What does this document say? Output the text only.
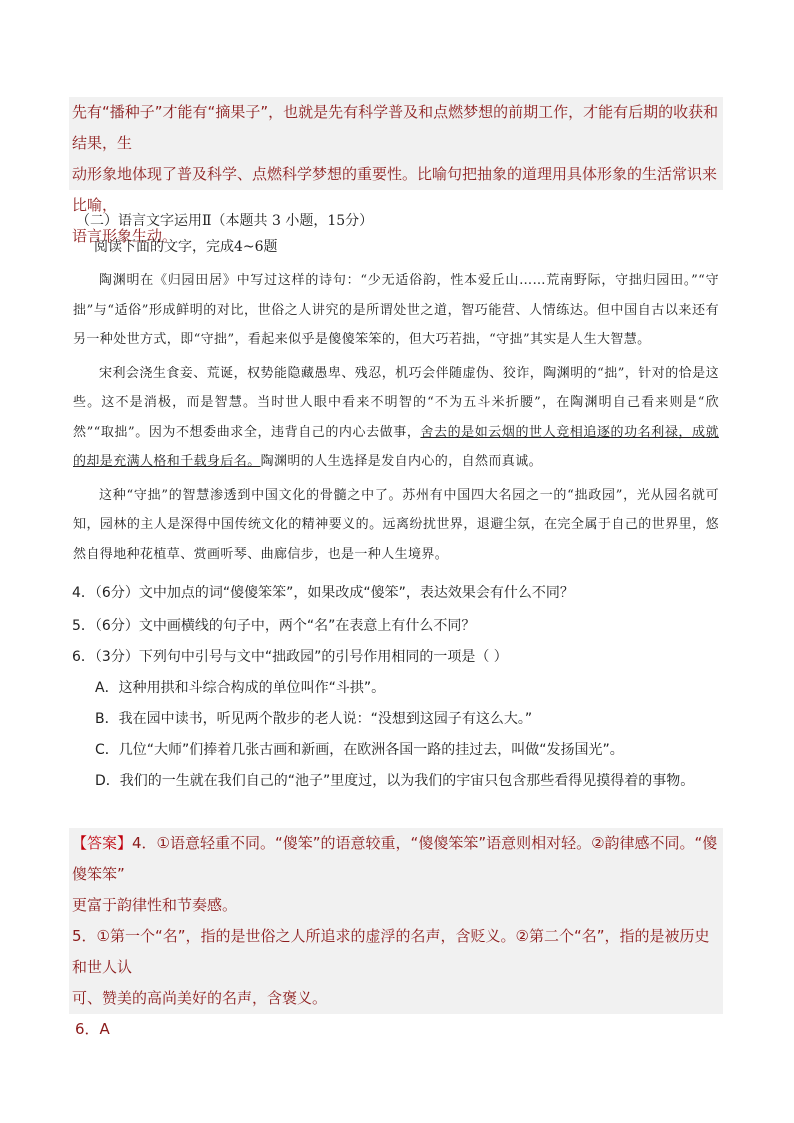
先有“播种子”才能有“摘果子”，也就是先有科学普及和点燃梦想的前期工作，才能有后期的收获和结果，生
动形象地体现了普及科学、点燃科学梦想的重要性。比喻句把抽象的道理用具体形象的生活常识来比喻，
语言形象生动。
（二）语言文字运用Ⅱ（本题共 3 小题，15分）
阅读下面的文字，完成4~6题

陶渊明在《归园田居》中写过这样的诗句：“少无适俗韵，性本爱丘山……荒南野际，守拙归园田。”“守拙”与“适俗”形成鲜明的对比，世俗之人讲究的是所谓处世之道，智巧能营、人情练达。但中国自古以来还有另一种处世方式，即“守拙”，看起来似乎是傻傻笨笨的，但大巧若拙，“守拙”其实是人生大智慧。

宋利会浇生食妾、荒诞，权势能隐藏愚卑、残忍，机巧会伴随虚伪、狡诈，陶渊明的“拙”，针对的恰是这些。这不是消极，而是智慧。当时世人眼中看来不明智的“不为五斗米折腰”，在陶渊明自己看来则是“欣然”“取拙”。因为不想委曲求全，违背自己的内心去做事，舍去的是如云烟的世人竞相追逐的功名利禄，成就的却是充满人格和千载身后名。陶渊明的人生选择是发自内心的，自然而真诚。

这种“守拙”的智慧渗透到中国文化的骨髓之中了。苏州有中国四大名园之一的“拙政园”，光从园名就可知，园林的主人是深得中国传统文化的精神要义的。远离纷扰世界，退避尘氛，在完全属于自己的世界里，悠然自得地种花植草、赏画听琴、曲廊信步，也是一种人生境界。

4．（6分）文中加点的词“傻傻笨笨”，如果改成“傻笨”，表达效果会有什么不同？
5．（6分）文中画横线的句子中，两个“名”在表意上有什么不同？
6．（3分）下列句中引号与文中“拙政园”的引号作用相同的一项是（ ）
A．这种用拱和斗综合构成的单位叫作“斗拱”。
B．我在园中读书，听见两个散步的老人说：“没想到这园子有这么大。”
C．几位“大师”们捧着几张古画和新画，在欧洲各国一路的挂过去，叫做“发扬国光”。
D．我们的一生就在我们自己的“池子”里度过，以为我们的宇宙只包含那些看得见摸得着的事物。
【答案】4．①语意轻重不同。“傻笨”的语意较重，“傻傻笨笨”语意则相对轻。②韵律感不同。“傻傻笨笨”
更富于韵律性和节奏感。
5．①第一个“名”，指的是世俗之人所追求的虚浮的名声，含贬义。②第二个“名”，指的是被历史和世人认
可、赞美的高尚美好的名声，含褒义。
6．A
